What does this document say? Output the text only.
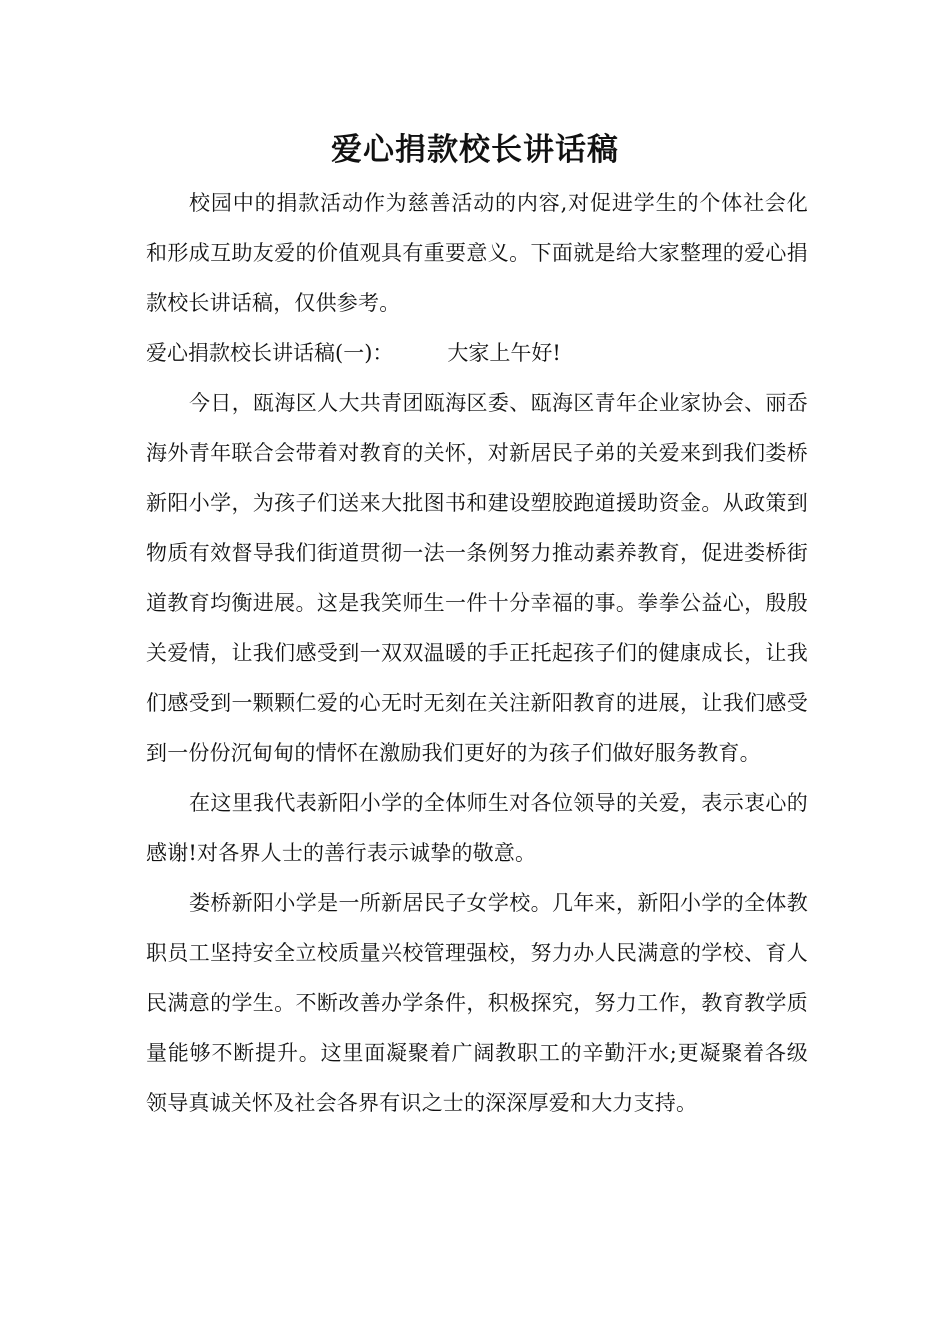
爱心捐款校长讲话稿

校园中的捐款活动作为慈善活动的内容,对促进学生的个体社会化和形成互助友爱的价值观具有重要意义。下面就是给大家整理的爱心捐款校长讲话稿，仅供参考。

爱心捐款校长讲话稿(一)：	大家上午好!

今日，瓯海区人大共青团瓯海区委、瓯海区青年企业家协会、丽岙海外青年联合会带着对教育的关怀，对新居民子弟的关爱来到我们娄桥新阳小学，为孩子们送来大批图书和建设塑胶跑道援助资金。从政策到物质有效督导我们街道贯彻一法一条例努力推动素养教育，促进娄桥街道教育均衡进展。这是我笑师生一件十分幸福的事。拳拳公益心，殷殷关爱情，让我们感受到一双双温暖的手正托起孩子们的健康成长，让我们感受到一颗颗仁爱的心无时无刻在关注新阳教育的进展，让我们感受到一份份沉甸甸的情怀在激励我们更好的为孩子们做好服务教育。

在这里我代表新阳小学的全体师生对各位领导的关爱，表示衷心的感谢!对各界人士的善行表示诚挚的敬意。

娄桥新阳小学是一所新居民子女学校。几年来，新阳小学的全体教职员工坚持安全立校质量兴校管理强校，努力办人民满意的学校、育人民满意的学生。不断改善办学条件，积极探究，努力工作，教育教学质量能够不断提升。这里面凝聚着广阔教职工的辛勤汗水;更凝聚着各级领导真诚关怀及社会各界有识之士的深深厚爱和大力支持。
